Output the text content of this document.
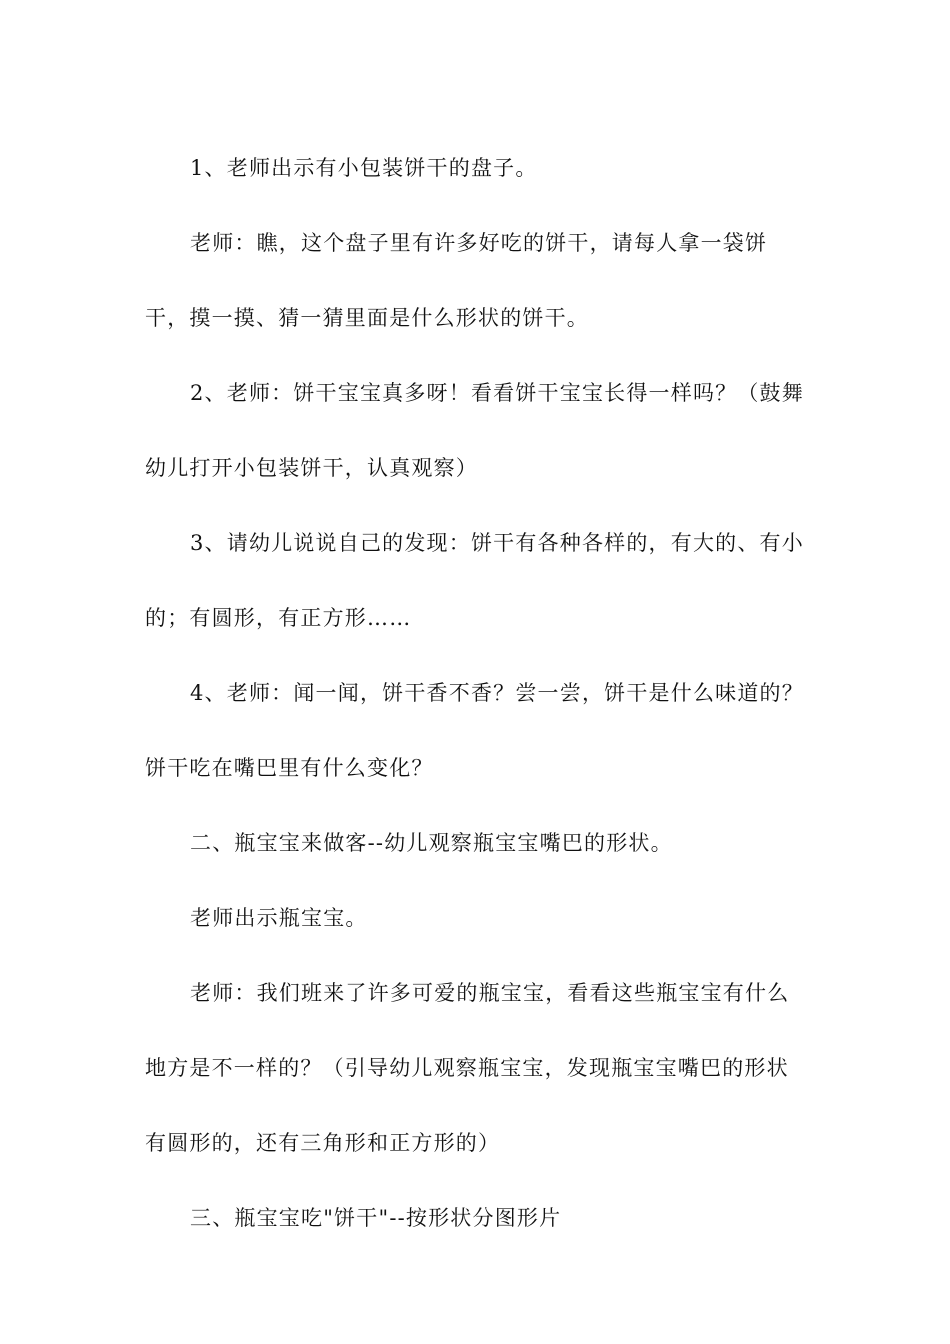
1、老师出示有小包装饼干的盘子。

老师：瞧，这个盘子里有许多好吃的饼干，请每人拿一袋饼干，摸一摸、猜一猜里面是什么形状的饼干。

2、老师：饼干宝宝真多呀！看看饼干宝宝长得一样吗？（鼓舞幼儿打开小包装饼干，认真观察）

3、请幼儿说说自己的发现：饼干有各种各样的，有大的、有小的；有圆形，有正方形……

4、老师：闻一闻，饼干香不香？尝一尝，饼干是什么味道的？饼干吃在嘴巴里有什么变化？

二、瓶宝宝来做客--幼儿观察瓶宝宝嘴巴的形状。

老师出示瓶宝宝。

老师：我们班来了许多可爱的瓶宝宝，看看这些瓶宝宝有什么地方是不一样的？（引导幼儿观察瓶宝宝，发现瓶宝宝嘴巴的形状有圆形的，还有三角形和正方形的）

三、瓶宝宝吃"饼干"--按形状分图形片
